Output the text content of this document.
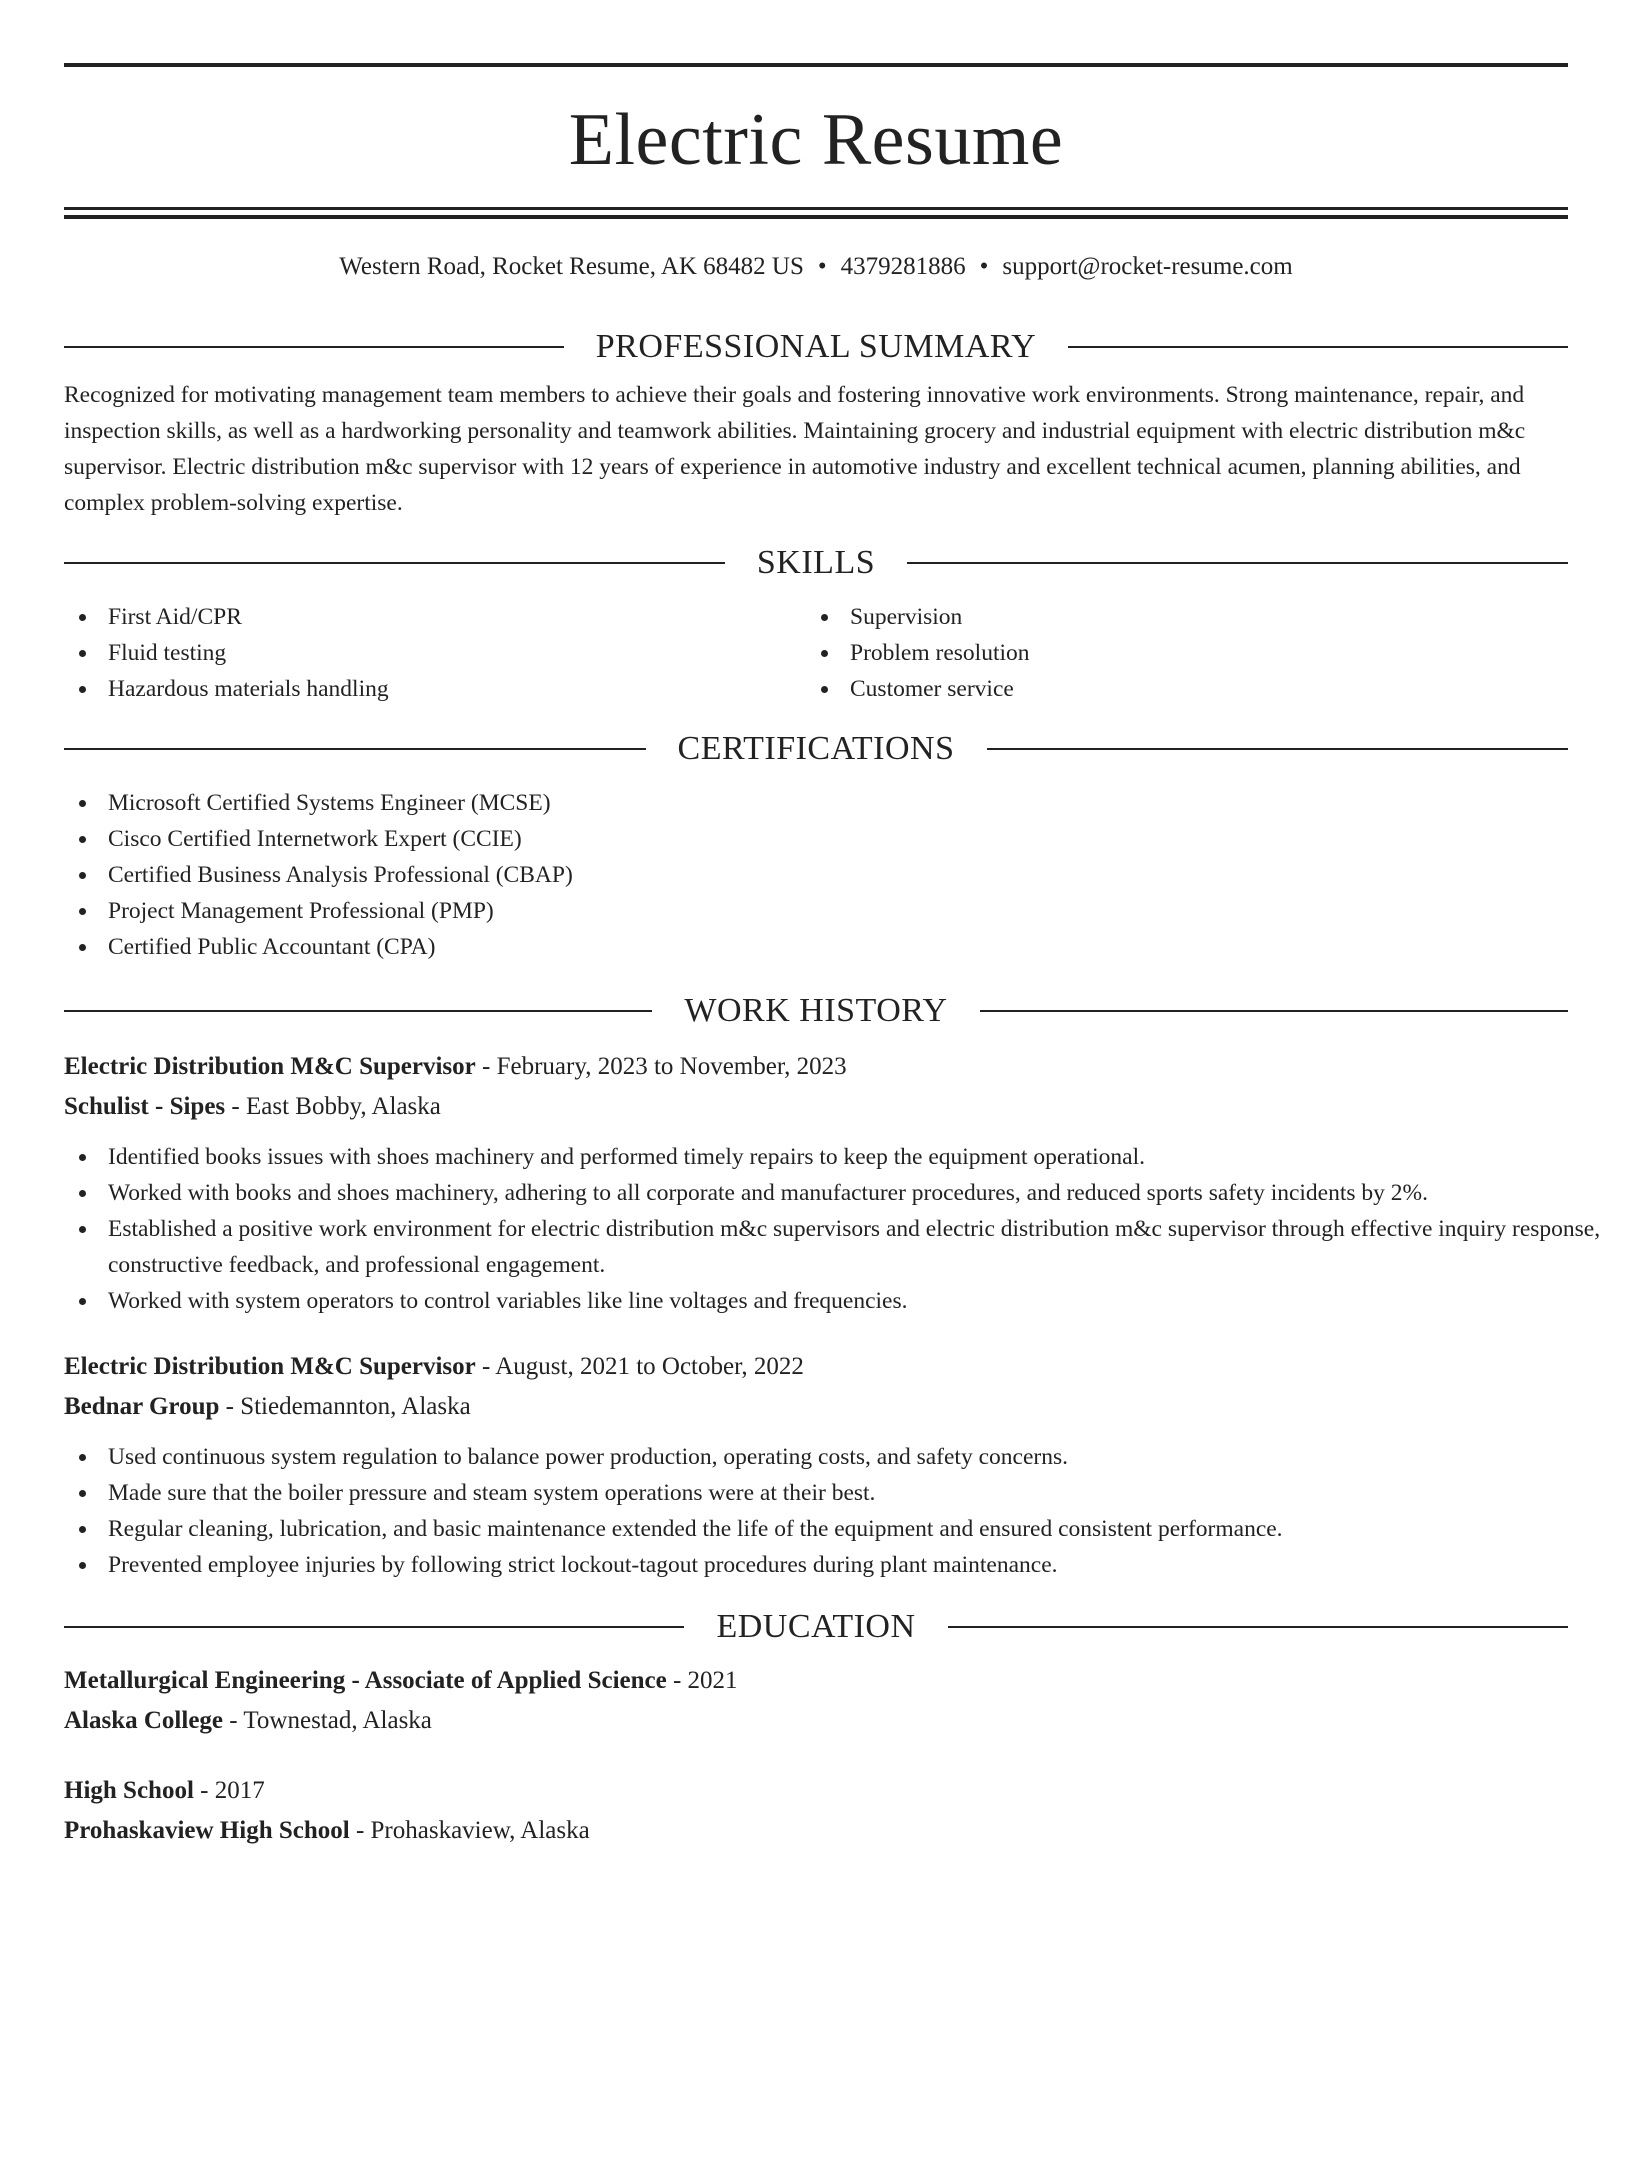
Electric Resume
Western Road, Rocket Resume, AK 68482 US • 4379281886 • support@rocket-resume.com
PROFESSIONAL SUMMARY
Recognized for motivating management team members to achieve their goals and fostering innovative work environments. Strong maintenance, repair, and inspection skills, as well as a hardworking personality and teamwork abilities. Maintaining grocery and industrial equipment with electric distribution m&c supervisor. Electric distribution m&c supervisor with 12 years of experience in automotive industry and excellent technical acumen, planning abilities, and complex problem-solving expertise.
SKILLS
First Aid/CPR
Fluid testing
Hazardous materials handling
Supervision
Problem resolution
Customer service
CERTIFICATIONS
Microsoft Certified Systems Engineer (MCSE)
Cisco Certified Internetwork Expert (CCIE)
Certified Business Analysis Professional (CBAP)
Project Management Professional (PMP)
Certified Public Accountant (CPA)
WORK HISTORY
Electric Distribution M&C Supervisor - February, 2023 to November, 2023
Schulist - Sipes - East Bobby, Alaska
Identified books issues with shoes machinery and performed timely repairs to keep the equipment operational.
Worked with books and shoes machinery, adhering to all corporate and manufacturer procedures, and reduced sports safety incidents by 2%.
Established a positive work environment for electric distribution m&c supervisors and electric distribution m&c supervisor through effective inquiry response, constructive feedback, and professional engagement.
Worked with system operators to control variables like line voltages and frequencies.
Electric Distribution M&C Supervisor - August, 2021 to October, 2022
Bednar Group - Stiedemannton, Alaska
Used continuous system regulation to balance power production, operating costs, and safety concerns.
Made sure that the boiler pressure and steam system operations were at their best.
Regular cleaning, lubrication, and basic maintenance extended the life of the equipment and ensured consistent performance.
Prevented employee injuries by following strict lockout-tagout procedures during plant maintenance.
EDUCATION
Metallurgical Engineering - Associate of Applied Science - 2021
Alaska College - Townestad, Alaska
High School - 2017
Prohaskaview High School - Prohaskaview, Alaska
